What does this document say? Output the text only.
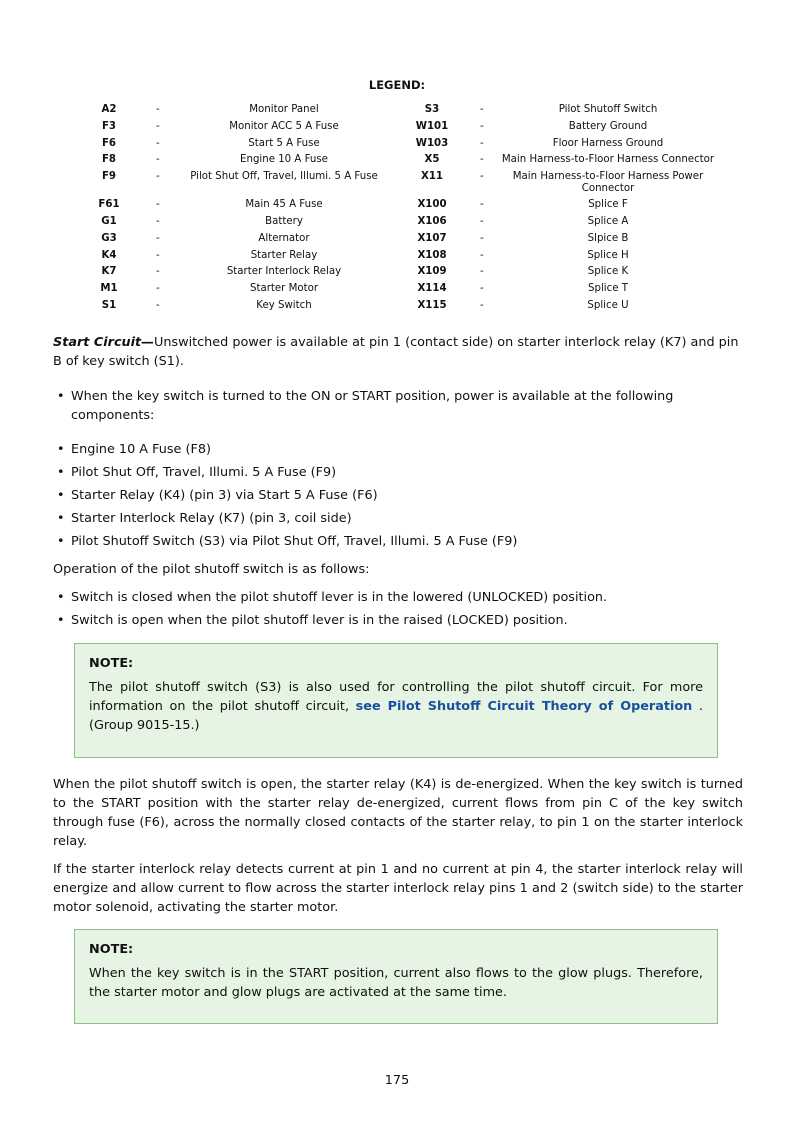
LEGEND:
A2	-	Monitor Panel	S3	-	Pilot Shutoff Switch
F3	-	Monitor ACC 5 A Fuse	W101	-	Battery Ground
F6	-	Start 5 A Fuse	W103	-	Floor Harness Ground
F8	-	Engine 10 A Fuse	X5	-	Main Harness-to-Floor Harness Connector
F9	-	Pilot Shut Off, Travel, Illumi. 5 A Fuse	X11	-	Main Harness-to-Floor Harness Power Connector
F61	-	Main 45 A Fuse	X100	-	Splice F
G1	-	Battery	X106	-	Splice A
G3	-	Alternator	X107	-	Slpice B
K4	-	Starter Relay	X108	-	Splice H
K7	-	Starter Interlock Relay	X109	-	Splice K
M1	-	Starter Motor	X114	-	Splice T
S1	-	Key Switch	X115	-	Splice U

Start Circuit—Unswitched power is available at pin 1 (contact side) on starter interlock relay (K7) and pin B of key switch (S1).

• When the key switch is turned to the ON or START position, power is available at the following components:
• Engine 10 A Fuse (F8)
• Pilot Shut Off, Travel, Illumi. 5 A Fuse (F9)
• Starter Relay (K4) (pin 3) via Start 5 A Fuse (F6)
• Starter Interlock Relay (K7) (pin 3, coil side)
• Pilot Shutoff Switch (S3) via Pilot Shut Off, Travel, Illumi. 5 A Fuse (F9)

Operation of the pilot shutoff switch is as follows:

• Switch is closed when the pilot shutoff lever is in the lowered (UNLOCKED) position.
• Switch is open when the pilot shutoff lever is in the raised (LOCKED) position.
NOTE:
The pilot shutoff switch (S3) is also used for controlling the pilot shutoff circuit. For more information on the pilot shutoff circuit, see Pilot Shutoff Circuit Theory of Operation . (Group 9015-15.)

When the pilot shutoff switch is open, the starter relay (K4) is de-energized. When the key switch is turned to the START position with the starter relay de-energized, current flows from pin C of the key switch through fuse (F6), across the normally closed contacts of the starter relay, to pin 1 on the starter interlock relay.

If the starter interlock relay detects current at pin 1 and no current at pin 4, the starter interlock relay will energize and allow current to flow across the starter interlock relay pins 1 and 2 (switch side) to the starter motor solenoid, activating the starter motor.

NOTE:
When the key switch is in the START position, current also flows to the glow plugs. Therefore, the starter motor and glow plugs are activated at the same time.
175
